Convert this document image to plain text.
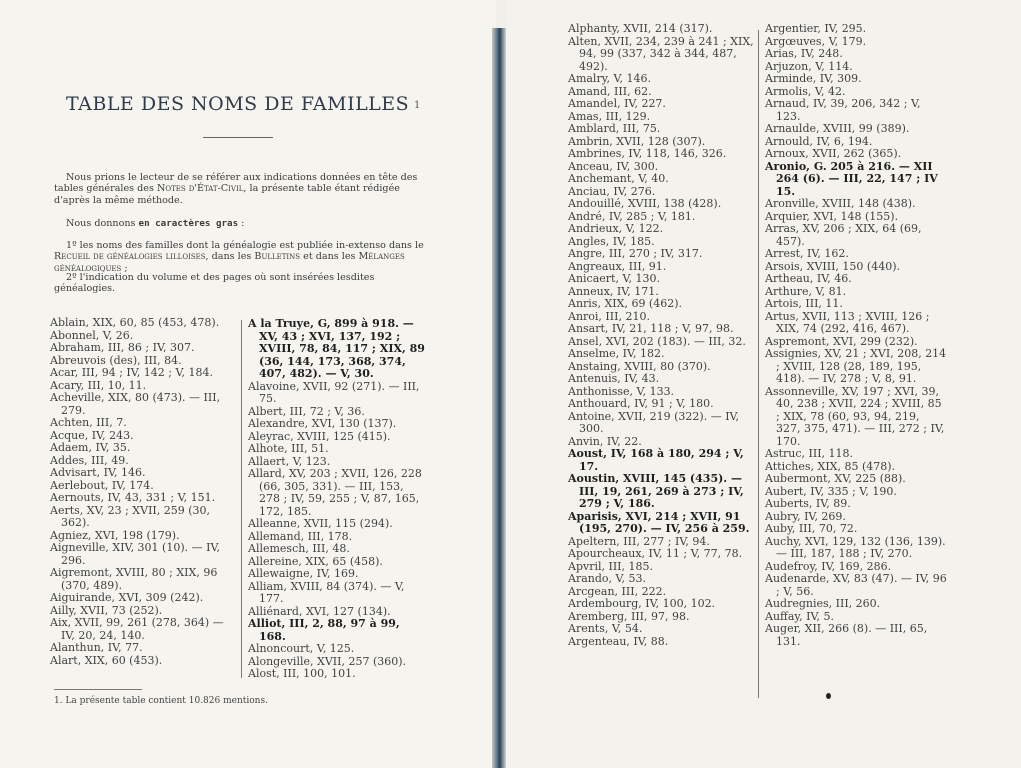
TABLE DES NOMS DE FAMILLES 1

Nous prions le lecteur de se référer aux indications données en tête des tables générales des Notes d'État-Civil, la présente table étant rédigée d'après la même méthode.

Nous donnons en caractères gras :

1º les noms des familles dont la généalogie est publiée in-extenso dans le Recueil de généalogies lilloises, dans les Bulletins et dans les Mélanges généalogiques ;

2º l'indication du volume et des pages où sont insérées lesdites généalogies.

Ablain, XIX, 60, 85 (453, 478).

Abonnel, V, 26.

Abraham, III, 86 ; IV, 307.

Abreuvois (des), III, 84.

Acar, III, 94 ; IV, 142 ; V, 184.

Acary, III, 10, 11.

Acheville, XIX, 80 (473). — III, 279.

Achten, III, 7.

Acque, IV, 243.

Adaem, IV, 35.

Addes, III, 49.

Advisart, IV, 146.

Aerlebout, IV, 174.

Aernouts, IV, 43, 331 ; V, 151.

Aerts, XV, 23 ; XVII, 259 (30, 362).

Agniez, XVI, 198 (179).

Aigneville, XIV, 301 (10). — IV, 296.

Aigremont, XVIII, 80 ; XIX, 96 (370, 489).

Aiguirande, XVI, 309 (242).

Ailly, XVII, 73 (252).

Aix, XVII, 99, 261 (278, 364) — IV, 20, 24, 140.

Alanthun, IV, 77.

Alart, XIX, 60 (453).

A la Truye, G, 899 à 918. — XV, 43 ; XVI, 137, 192 ; XVIII, 78, 84, 117 ; XIX, 89 (36, 144, 173, 368, 374, 407, 482). — V, 30.

Alavoine, XVII, 92 (271). — III, 75.

Albert, III, 72 ; V, 36.

Alexandre, XVI, 130 (137).

Aleyrac, XVIII, 125 (415).

Alhote, III, 51.

Allaert, V, 123.

Allard, XV, 203 ; XVII, 126, 228 (66, 305, 331). — III, 153, 278 ; IV, 59, 255 ; V, 87, 165, 172, 185.

Alleanne, XVII, 115 (294).

Allemand, III, 178.

Allemesch, III, 48.

Allereine, XIX, 65 (458).

Allewaigne, IV, 169.

Alliam, XVIII, 84 (374). — V, 177.

Alliénard, XVI, 127 (134).

Alliot, III, 2, 88, 97 à 99, 168.

Alnoncourt, V, 125.

Alongeville, XVII, 257 (360).

Alost, III, 100, 101.

1. La présente table contient 10.826 mentions.

Alphanty, XVII, 214 (317).

Alten, XVII, 234, 239 à 241 ; XIX, 94, 99 (337, 342 à 344, 487, 492).

Amalry, V, 146.

Amand, III, 62.

Amandel, IV, 227.

Amas, III, 129.

Amblard, III, 75.

Ambrin, XVII, 128 (307).

Ambrines, IV, 118, 146, 326.

Anceau, IV, 300.

Anchemant, V, 40.

Anciau, IV, 276.

Andouillé, XVIII, 138 (428).

André, IV, 285 ; V, 181.

Andrieux, V, 122.

Angles, IV, 185.

Angre, III, 270 ; IV, 317.

Angreaux, III, 91.

Anicaert, V, 130.

Anneux, IV, 171.

Anris, XIX, 69 (462).

Anroi, III, 210.

Ansart, IV, 21, 118 ; V, 97, 98.

Ansel, XVI, 202 (183). — III, 32.

Anselme, IV, 182.

Anstaing, XVIII, 80 (370).

Antenuis, IV, 43.

Anthonisse, V, 133.

Anthouard, IV, 91 ; V, 180.

Antoine, XVII, 219 (322). — IV, 300.

Anvin, IV, 22.

Aoust, IV, 168 à 180, 294 ; V, 17.

Aoustin, XVIII, 145 (435). — III, 19, 261, 269 à 273 ; IV, 279 ; V, 186.

Aparisis, XVI, 214 ; XVII, 91 (195, 270). — IV, 256 à 259.

Apeltern, III, 277 ; IV, 94.

Apourcheaux, IV, 11 ; V, 77, 78.

Apvril, III, 185.

Arando, V, 53.

Arcgean, III, 222.

Ardembourg, IV, 100, 102.

Aremberg, III, 97, 98.

Arents, V, 54.

Argenteau, IV, 88.

Argentier, IV, 295.

Argœuves, V, 179.

Arias, IV, 248.

Arjuzon, V, 114.

Arminde, IV, 309.

Armolis, V, 42.

Arnaud, IV, 39, 206, 342 ; V, 123.

Arnaulde, XVIII, 99 (389).

Arnould, IV, 6, 194.

Arnoux, XVII, 262 (365).

Aronio, G. 205 à 216. — XII 264 (6). — III, 22, 147 ; IV 15.

Aronville, XVIII, 148 (438).

Arquier, XVI, 148 (155).

Arras, XV, 206 ; XIX, 64 (69, 457).

Arrest, IV, 162.

Arsois, XVIII, 150 (440).

Artheau, IV, 46.

Arthure, V, 81.

Artois, III, 11.

Artus, XVII, 113 ; XVIII, 126 ; XIX, 74 (292, 416, 467).

Aspremont, XVI, 299 (232).

Assignies, XV, 21 ; XVI, 208, 214 ; XVIII, 128 (28, 189, 195, 418). — IV, 278 ; V, 8, 91.

Assonneville, XV, 197 ; XVI, 39, 40, 238 ; XVII, 224 ; XVIII, 85 ; XIX, 78 (60, 93, 94, 219, 327, 375, 471). — III, 272 ; IV, 170.

Astruc, III, 118.

Attiches, XIX, 85 (478).

Aubermont, XV, 225 (88).

Aubert, IV, 335 ; V, 190.

Auberts, IV, 89.

Aubry, IV, 269.

Auby, III, 70, 72.

Auchy, XVI, 129, 132 (136, 139). — III, 187, 188 ; IV, 270.

Audefroy, IV, 169, 286.

Audenarde, XV, 83 (47). — IV, 96 ; V, 56.

Audregnies, III, 260.

Auffay, IV, 5.

Auger, XII, 266 (8). — III, 65, 131.
